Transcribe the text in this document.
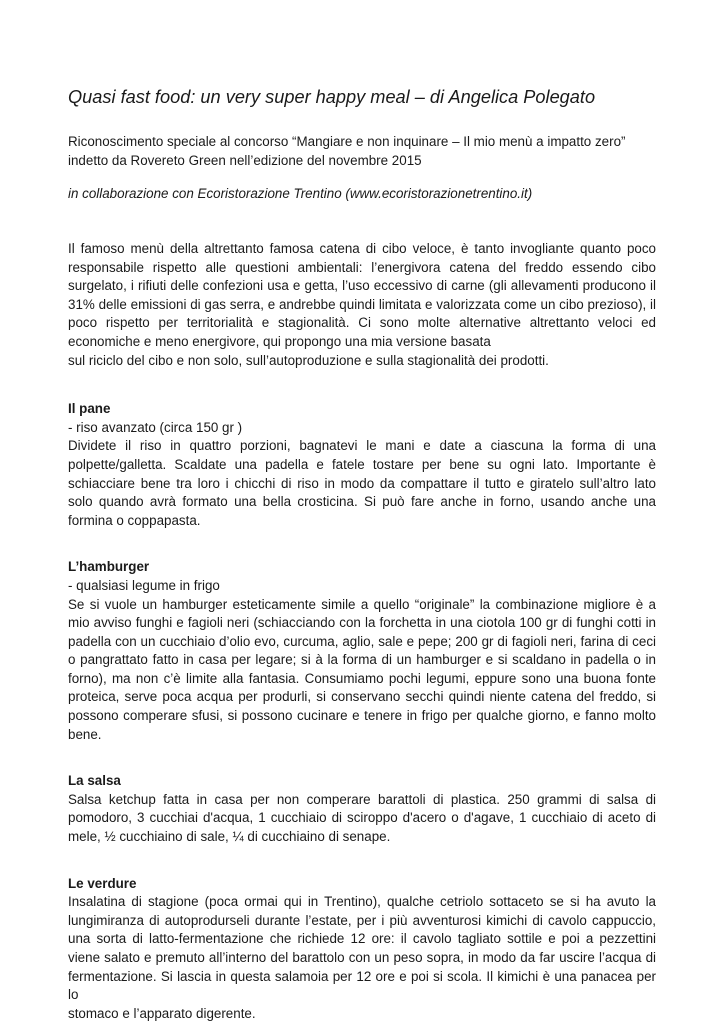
Quasi fast food: un very super happy meal – di Angelica Polegato

Riconoscimento speciale al concorso “Mangiare e non inquinare – Il mio menù a impatto zero”

indetto da Rovereto Green nell’edizione del novembre 2015

in collaborazione con Ecoristorazione Trentino (www.ecoristorazionetrentino.it)

Il famoso menù della altrettanto famosa catena di cibo veloce, è tanto invogliante quanto poco

responsabile rispetto alle questioni ambientali: l’energivora catena del freddo essendo cibo

surgelato, i rifiuti delle confezioni usa e getta, l’uso eccessivo di carne (gli allevamenti producono il

31% delle emissioni di gas serra, e andrebbe quindi limitata e valorizzata come un cibo prezioso), il

poco rispetto per territorialità e stagionalità. Ci sono molte alternative altrettanto veloci ed

economiche e meno energivore, qui propongo una mia versione basata

sul riciclo del cibo e non solo, sull’autoproduzione e sulla stagionalità dei prodotti.

Il pane

- riso avanzato (circa 150 gr )

Dividete il riso in quattro porzioni, bagnatevi le mani e date a ciascuna la forma di una

polpette/galletta. Scaldate una padella e fatele tostare per bene su ogni lato. Importante è

schiacciare bene tra loro i chicchi di riso in modo da compattare il tutto e giratelo sull’altro lato

solo quando avrà formato una bella crosticina. Si può fare anche in forno, usando anche una

formina o coppapasta.

L’hamburger

- qualsiasi legume in frigo

Se si vuole un hamburger esteticamente simile a quello “originale” la combinazione migliore è a

mio avviso funghi e fagioli neri (schiacciando con la forchetta in una ciotola 100 gr di funghi cotti in

padella con un cucchiaio d’olio evo, curcuma, aglio, sale e pepe; 200 gr di fagioli neri, farina di ceci

o pangrattato fatto in casa per legare; si à la forma di un hamburger e si scaldano in padella o in

forno), ma non c’è limite alla fantasia. Consumiamo pochi legumi, eppure sono una buona fonte

proteica, serve poca acqua per produrli, si conservano secchi quindi niente catena del freddo, si

possono comperare sfusi, si possono cucinare e tenere in frigo per qualche giorno, e fanno molto

bene.

La salsa

Salsa ketchup fatta in casa per non comperare barattoli di plastica. 250 grammi di salsa di

pomodoro, 3 cucchiai d'acqua, 1 cucchiaio di sciroppo d'acero o d'agave, 1 cucchiaio di aceto di

mele, ½ cucchiaino di sale, ¼ di cucchiaino di senape.

Le verdure

Insalatina di stagione (poca ormai qui in Trentino), qualche cetriolo sottaceto se si ha avuto la

lungimiranza di autoprodurseli durante l’estate, per i più avventurosi kimichi di cavolo cappuccio,

una sorta di latto-fermentazione che richiede 12 ore: il cavolo tagliato sottile e poi a pezzettini

viene salato e premuto all’interno del barattolo con un peso sopra, in modo da far uscire l’acqua di

fermentazione. Si lascia in questa salamoia per 12 ore e poi si scola. Il kimichi è una panacea per lo

stomaco e l’apparato digerente.
